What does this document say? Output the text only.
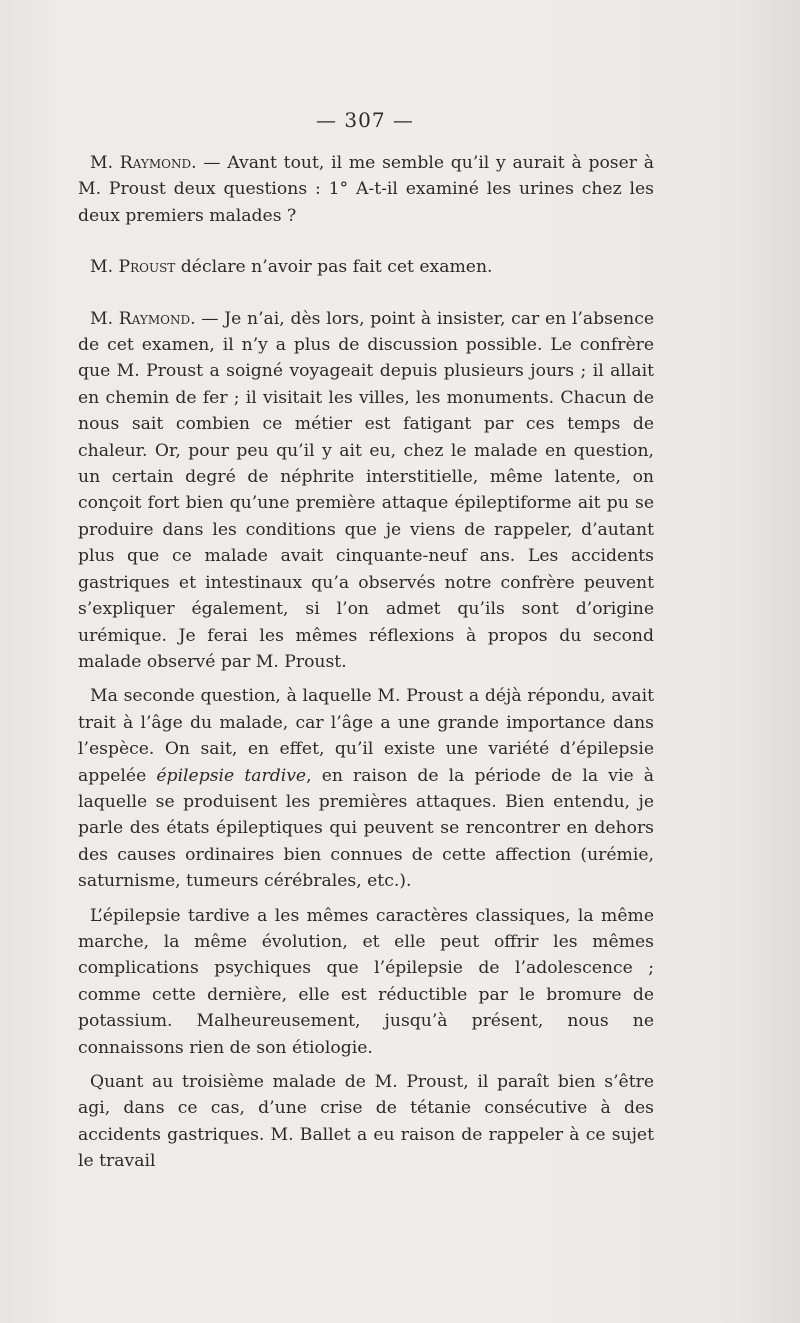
— 307 —

M. Raymond. — Avant tout, il me semble qu’il y aurait à poser à M. Proust deux questions : 1° A-t-il examiné les urines chez les deux premiers malades ?

M. Proust déclare n’avoir pas fait cet examen.

M. Raymond. — Je n’ai, dès lors, point à insister, car en l’absence de cet examen, il n’y a plus de discussion possible. Le confrère que M. Proust a soigné voyageait depuis plusieurs jours ; il allait en chemin de fer ; il visitait les villes, les monuments. Chacun de nous sait combien ce métier est fatigant par ces temps de chaleur. Or, pour peu qu’il y ait eu, chez le malade en question, un certain degré de néphrite interstitielle, même latente, on conçoit fort bien qu’une première attaque épileptiforme ait pu se produire dans les conditions que je viens de rappeler, d’autant plus que ce malade avait cinquante-neuf ans. Les accidents gastriques et intestinaux qu’a observés notre confrère peuvent s’expliquer également, si l’on admet qu’ils sont d’origine urémique. Je ferai les mêmes réflexions à propos du second malade observé par M. Proust.

Ma seconde question, à laquelle M. Proust a déjà répondu, avait trait à l’âge du malade, car l’âge a une grande importance dans l’espèce. On sait, en effet, qu’il existe une variété d’épilepsie appelée épilepsie tardive, en raison de la période de la vie à laquelle se produisent les premières attaques. Bien entendu, je parle des états épileptiques qui peuvent se rencontrer en dehors des causes ordinaires bien connues de cette affection (urémie, saturnisme, tumeurs cérébrales, etc.).

L’épilepsie tardive a les mêmes caractères classiques, la même marche, la même évolution, et elle peut offrir les mêmes complications psychiques que l’épilepsie de l’adolescence ; comme cette dernière, elle est réductible par le bromure de potassium. Malheureusement, jusqu’à présent, nous ne connaissons rien de son étiologie.

Quant au troisième malade de M. Proust, il paraît bien s’être agi, dans ce cas, d’une crise de tétanie consécutive à des accidents gastriques. M. Ballet a eu raison de rappeler à ce sujet le travail
